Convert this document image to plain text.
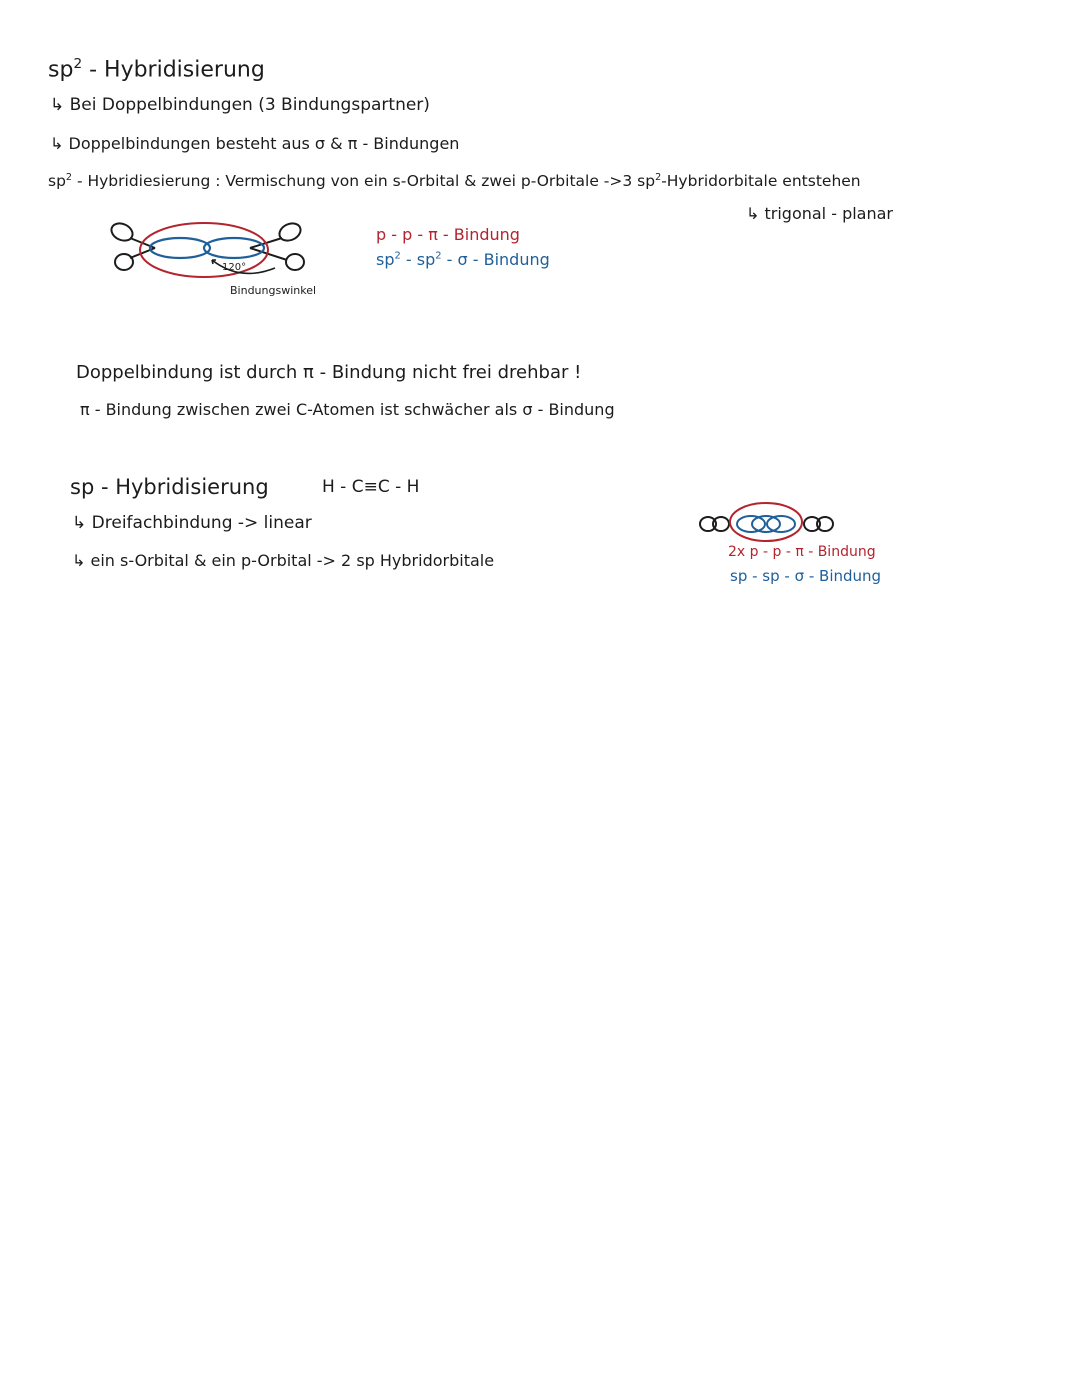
$sp^2$ - Hybridisierung
↳ Bei Doppelbindungen (3 Bindungspartner)
↳ Doppelbindungen besteht aus σ & π - Bindungen
$sp^2$ - Hybridiesierung : Vermischung von ein s-Orbital & zwei p-Orbitale ->3 $sp^2$-Hybridorbitale entstehen
↳ trigonal - planar
120°
Bindungswinkel
p - p - π - Bindung
$sp^2 - sp^2$ - σ - Bindung
Doppelbindung ist durch π - Bindung nicht frei drehbar !
π - Bindung zwischen zwei C-Atomen ist schwächer als σ - Bindung
sp - Hybridisierung	H - C≡C - H
↳ Dreifachbindung -> linear
↳ ein s-Orbital & ein p-Orbital -> 2 sp Hybridorbitale	2x p - p - π - Bindung
sp - sp - σ - Bindung
